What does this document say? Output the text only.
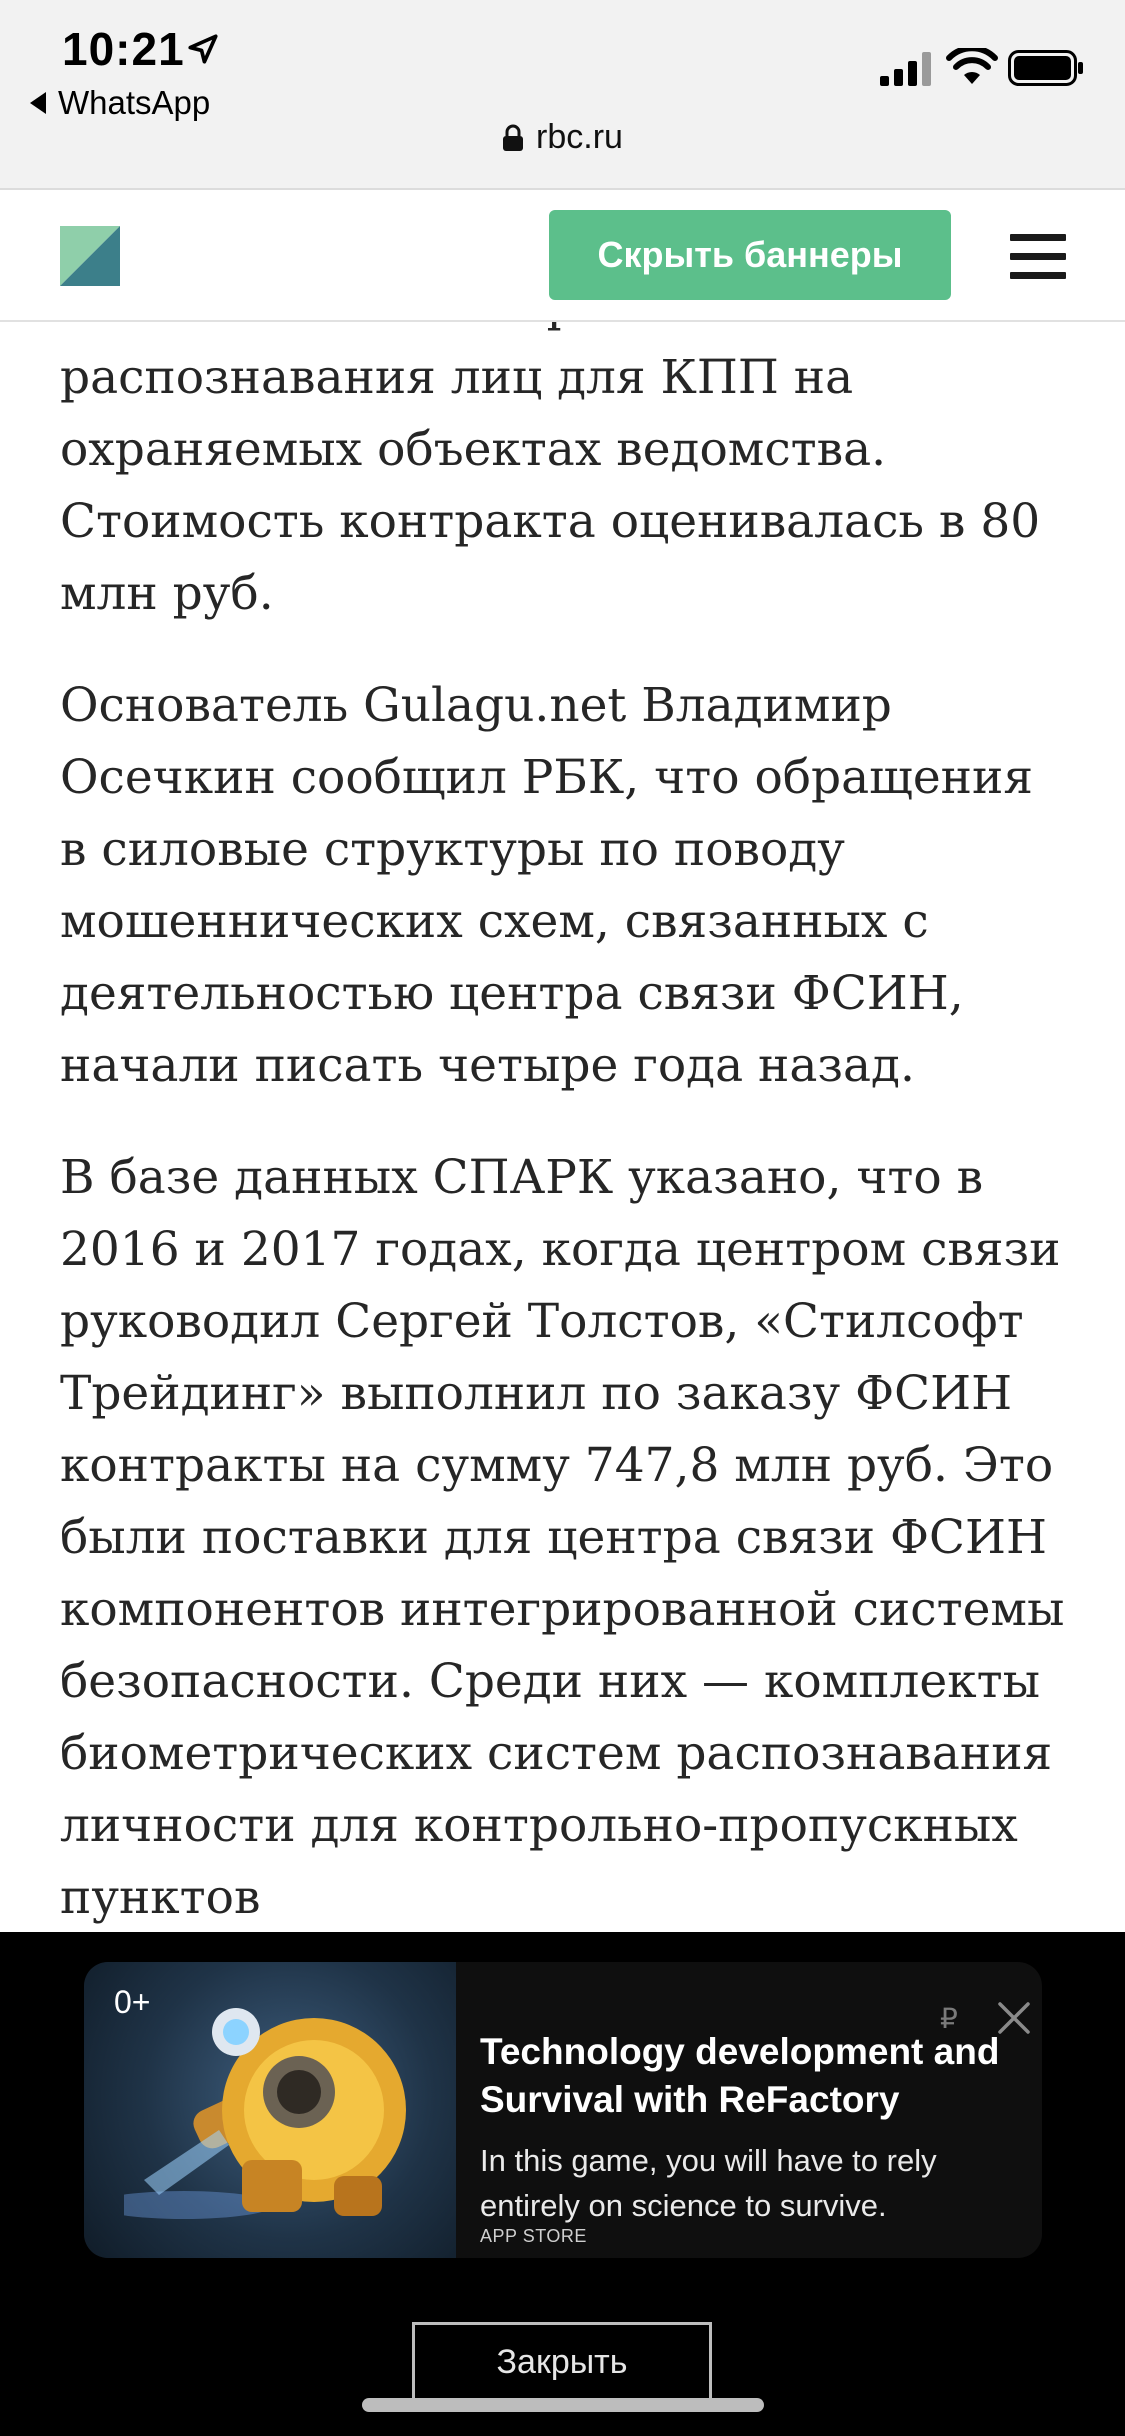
10:21
WhatsApp
rbc.ru
Скрыть баннеры

распознавания лиц для КПП на охраняемых объектах ведомства. Стоимость контракта оценивалась в 80 млн руб.

Основатель Gulagu.net Владимир Осечкин сообщил РБК, что обращения в силовые структуры по поводу мошеннических схем, связанных с деятельностью центра связи ФСИН, начали писать четыре года назад.

В базе данных СПАРК указано, что в 2016 и 2017 годах, когда центром связи руководил Сергей Толстов, «Стилсофт Трейдинг» выполнил по заказу ФСИН контракты на сумму 747,8 млн руб. Это были поставки для центра связи ФСИН компонентов интегрированной системы безопасности. Среди них — комплекты биометрических систем распознавания личности для контрольно-пропускных пунктов

0+	₽
Technology development and Survival with ReFactory
In this game, you will have to rely entirely on science to survive.
APP STORE
Закрыть
